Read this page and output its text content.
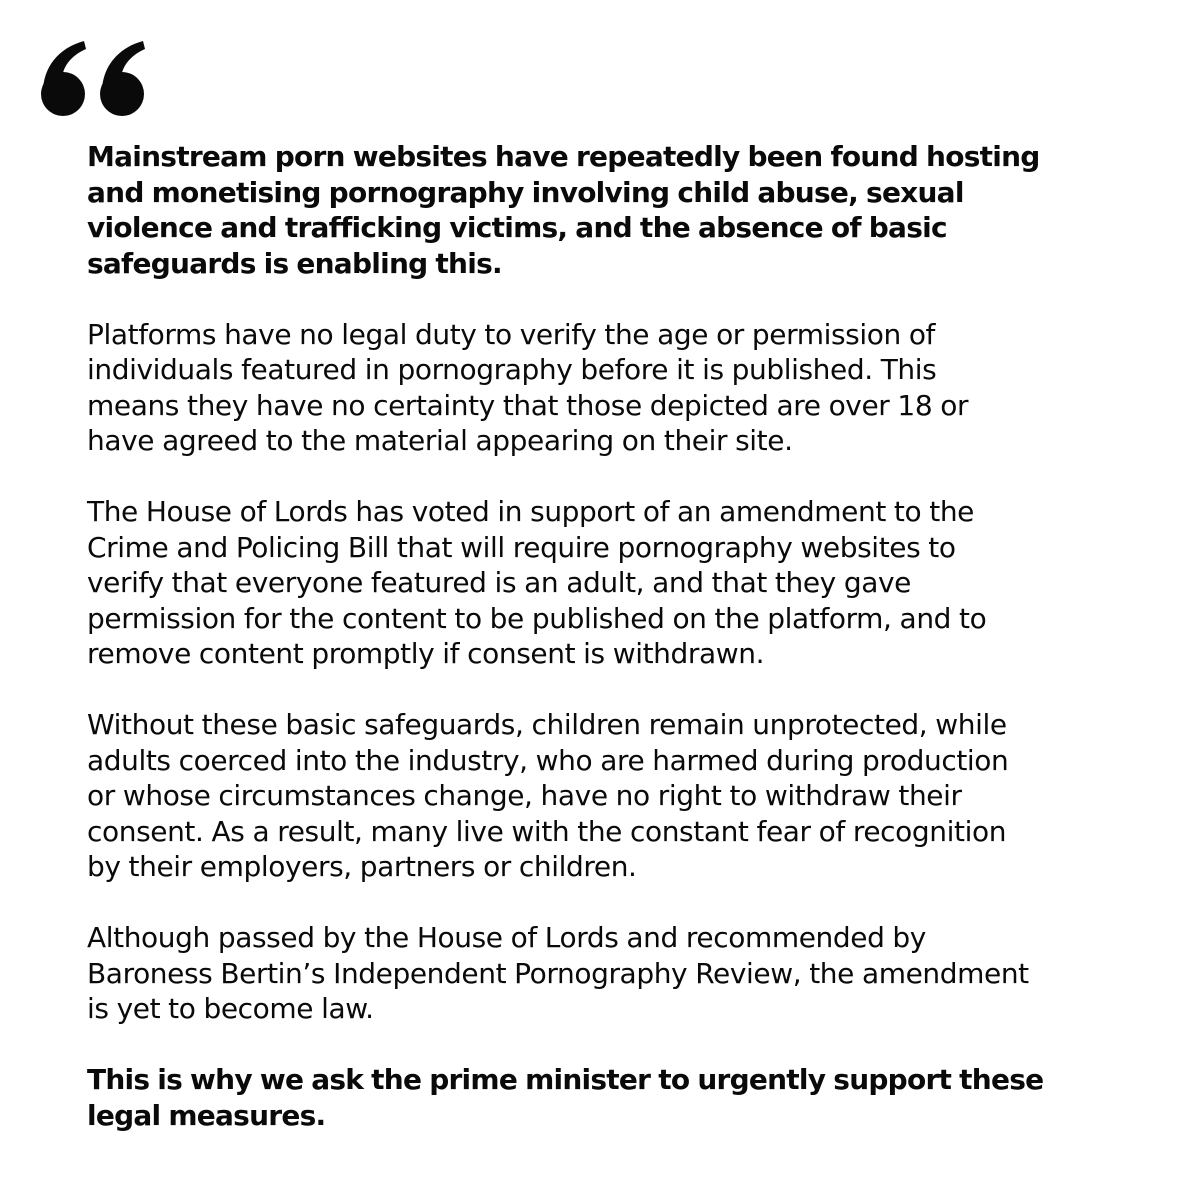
Mainstream porn websites have repeatedly been found hosting
and monetising pornography involving child abuse, sexual
violence and trafficking victims, and the absence of basic
safeguards is enabling this.

Platforms have no legal duty to verify the age or permission of
individuals featured in pornography before it is published. This
means they have no certainty that those depicted are over 18 or
have agreed to the material appearing on their site.

The House of Lords has voted in support of an amendment to the
Crime and Policing Bill that will require pornography websites to
verify that everyone featured is an adult, and that they gave
permission for the content to be published on the platform, and to
remove content promptly if consent is withdrawn.

Without these basic safeguards, children remain unprotected, while
adults coerced into the industry, who are harmed during production
or whose circumstances change, have no right to withdraw their
consent. As a result, many live with the constant fear of recognition
by their employers, partners or children.

Although passed by the House of Lords and recommended by
Baroness Bertin’s Independent Pornography Review, the amendment
is yet to become law.

This is why we ask the prime minister to urgently support these
legal measures.
